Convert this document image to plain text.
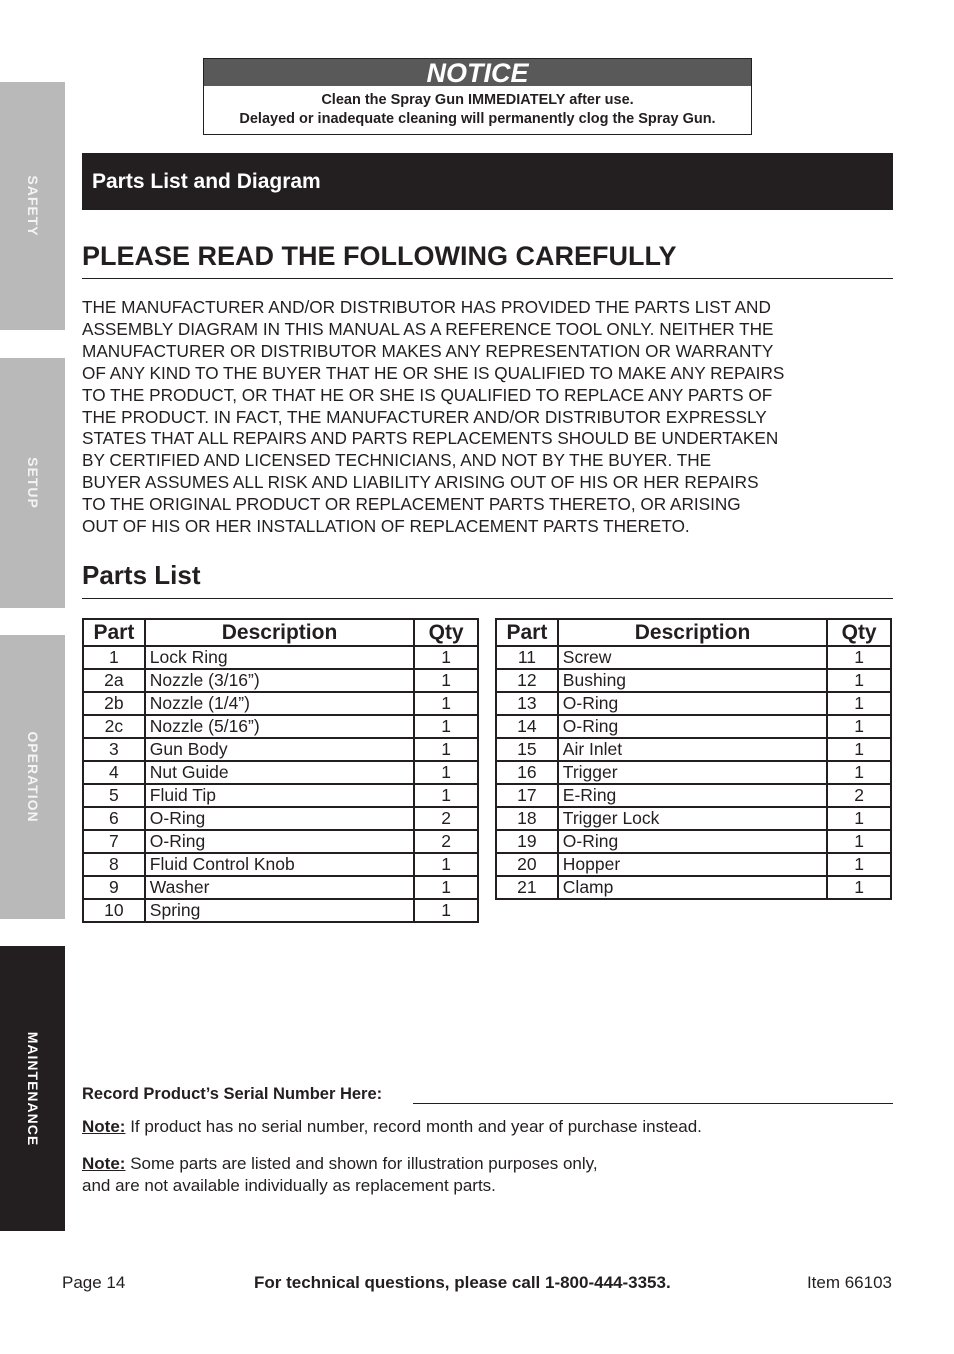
SAFETY
SETUP
OPERATION
MAINTENANCE
NOTICE
Clean the Spray Gun IMMEDIATELY after use.
Delayed or inadequate cleaning will permanently clog the Spray Gun.
Parts List and Diagram
PLEASE READ THE FOLLOWING CAREFULLY
THE MANUFACTURER AND/OR DISTRIBUTOR HAS PROVIDED THE PARTS LIST AND
ASSEMBLY DIAGRAM IN THIS MANUAL AS A REFERENCE TOOL ONLY. NEITHER THE
MANUFACTURER OR DISTRIBUTOR MAKES ANY REPRESENTATION OR WARRANTY
OF ANY KIND TO THE BUYER THAT HE OR SHE IS QUALIFIED TO MAKE ANY REPAIRS
TO THE PRODUCT, OR THAT HE OR SHE IS QUALIFIED TO REPLACE ANY PARTS OF
THE PRODUCT. IN FACT, THE MANUFACTURER AND/OR DISTRIBUTOR EXPRESSLY
STATES THAT ALL REPAIRS AND PARTS REPLACEMENTS SHOULD BE UNDERTAKEN
BY CERTIFIED AND LICENSED TECHNICIANS, AND NOT BY THE BUYER. THE
BUYER ASSUMES ALL RISK AND LIABILITY ARISING OUT OF HIS OR HER REPAIRS
TO THE ORIGINAL PRODUCT OR REPLACEMENT PARTS THERETO, OR ARISING
OUT OF HIS OR HER INSTALLATION OF REPLACEMENT PARTS THERETO.
Parts List
Part	Description	Qty
1	Lock Ring	1
2a	Nozzle (3/16”)	1
2b	Nozzle (1/4”)	1
2c	Nozzle (5/16”)	1
3	Gun Body	1
4	Nut Guide	1
5	Fluid Tip	1
6	O-Ring	2
7	O-Ring	2
8	Fluid Control Knob	1
9	Washer	1
10	Spring	1
Part	Description	Qty
11	Screw	1
12	Bushing	1
13	O-Ring	1
14	O-Ring	1
15	Air Inlet	1
16	Trigger	1
17	E-Ring	2
18	Trigger Lock	1
19	O-Ring	1
20	Hopper	1
21	Clamp	1
Record Product’s Serial Number Here:
Note: If product has no serial number, record month and year of purchase instead.
Note: Some parts are listed and shown for illustration purposes only,
and are not available individually as replacement parts.
Page 14	For technical questions, please call 1-800-444-3353.	Item 66103
